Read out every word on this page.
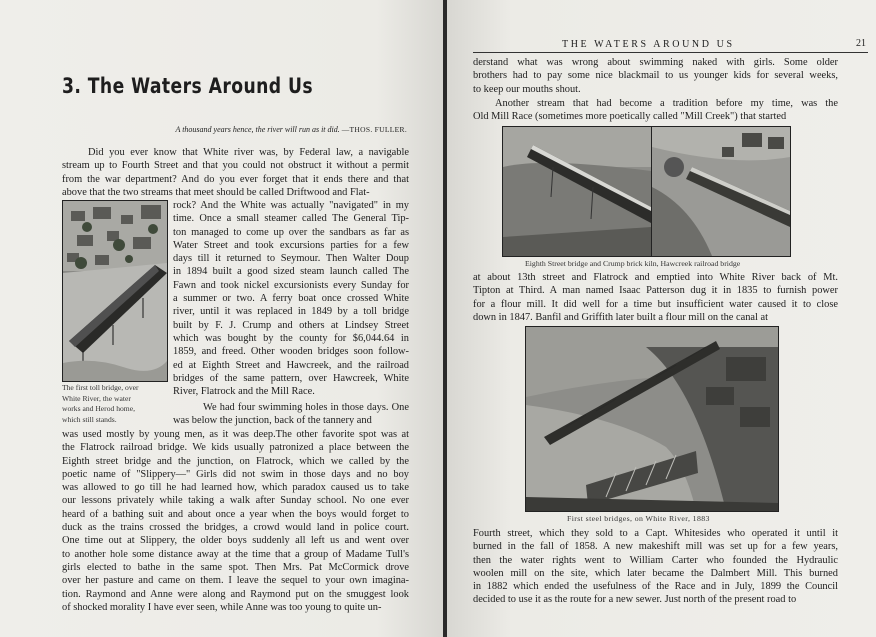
3. The Waters Around Us
A thousand years hence, the river will run as it did. —THOS. FULLER.
Did you ever know that White river was, by Federal law, a navigable
stream up to Fourth Street and that you could not obstruct it without a permit
from the war department? And do you ever forget that it ends there and that
above that the two streams that meet should be called Driftwood and Flat-
rock? And the White was actually "navigated" in my
time. Once a small steamer called The General Tip-
ton managed to come up over the sandbars as far as
Water Street and took excursions parties for a few
days till it returned to Seymour. Then Walter Doup
in 1894 built a good sized steam launch called The
Fawn and took nickel excursionists every Sunday for
a summer or two. A ferry boat once crossed White
river, until it was replaced in 1849 by a toll bridge
built by F. J. Crump and others at Lindsey Street
which was bought by the county for $6,044.64 in
1859, and freed. Other wooden bridges soon follow-
ed at Eighth Street and Hawcreek, and the railroad
bridges of the same pattern, over Hawcreek, White
River, Flatrock and the Mill Race.
The first toll bridge, over
White River, the water
works and Herod home,
which still stands.
We had four swimming holes in those days. One
was below the junction, back of the tannery and
was used mostly by young men, as it was deep.The other favorite spot was at
the Flatrock railroad bridge. We kids usually patronized a place between the
Eighth street bridge and the junction, on Flatrock, which we called by the
poetic name of "Slippery—" Girls did not swim in those days and no boy
was allowed to go till he had learned how, which paradox caused us to take
our lessons privately while taking a walk after Sunday school. No one ever
heard of a bathing suit and about once a year when the boys would forget to
duck as the trains crossed the bridges, a crowd would land in police court.
One time out at Slippery, the older boys suddenly all left us and went over
to another hole some distance away at the time that a group of Madame Tull's
girls elected to bathe in the same spot. Then Mrs. Pat McCormick drove
over her pasture and came on them. I leave the sequel to your own imagina-
tion. Raymond and Anne were along and Raymond put on the smuggest look
of shocked morality I have ever seen, while Anne was too young to quite un-
THE WATERS AROUND US	21
derstand what was wrong about swimming naked with girls. Some older
brothers had to pay some nice blackmail to us younger kids for several weeks,
to keep our mouths shout.
Another stream that had become a tradition before my time, was the
Old Mill Race (sometimes more poetically called "Mill Creek") that started

Eighth Street bridge and Crump brick kiln, Hawcreek railroad bridge

at about 13th street and Flatrock and emptied into White River back of Mt.
Tipton at Third. A man named Isaac Patterson dug it in 1835 to furnish power
for a flour mill. It did well for a time but insufficient water caused it to close
down in 1847. Banfil and Griffith later built a flour mill on the canal at

First steel bridges, on White River, 1883

Fourth street, which they sold to a Capt. Whitesides who operated it until it
burned in the fall of 1858. A new makeshift mill was set up for a few years,
then the water rights went to William Carter who founded the Hydraulic
woolen mill on the site, which later became the Dalmbert Mill. This burned
in 1882 which ended the usefulness of the Race and in July, 1899 the Council
decided to use it as the route for a new sewer. Just north of the present road to
